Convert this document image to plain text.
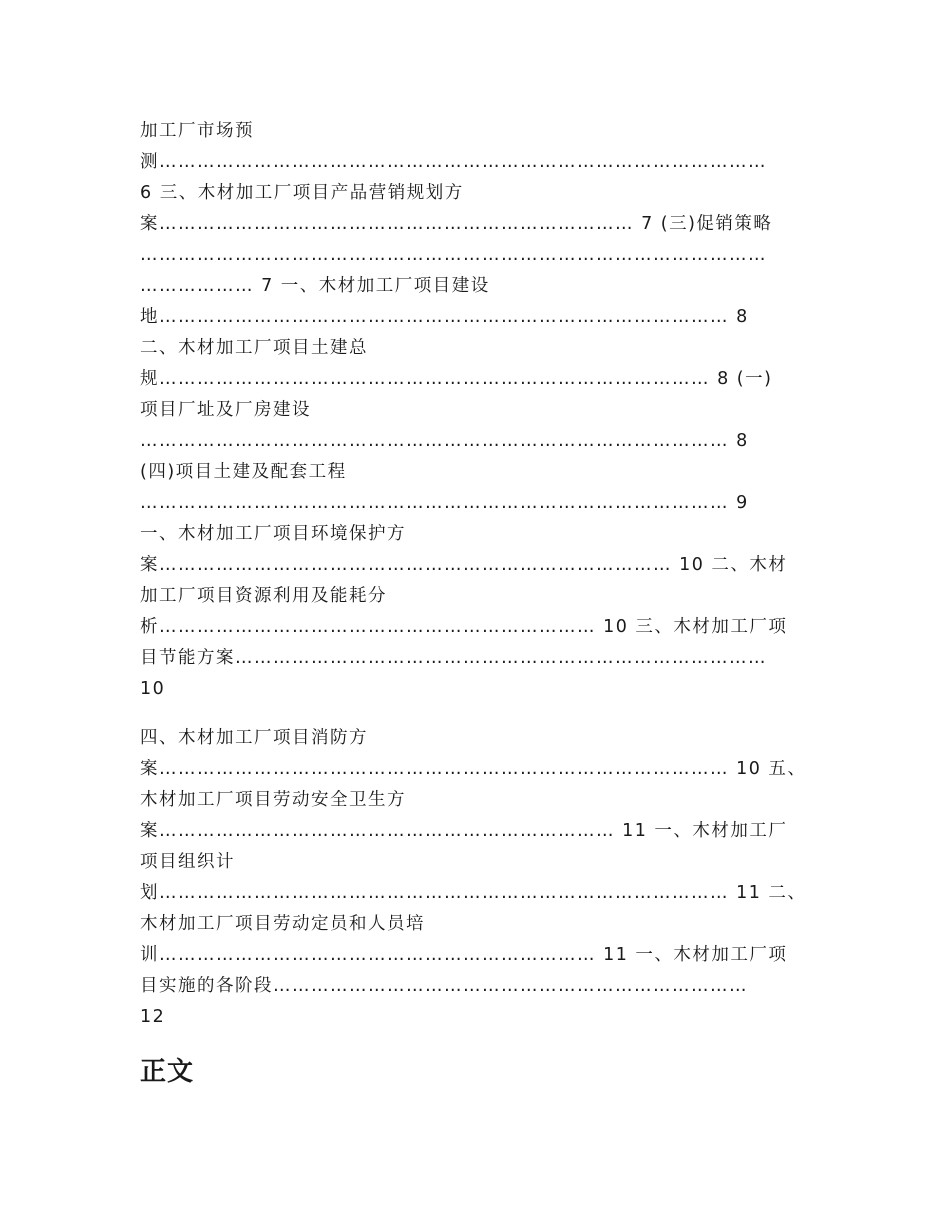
加工厂市场预
测……………………………………………………………………………………
6 三、木材加工厂项目产品营销规划方
案………………………………………………………………… 7 (三)促销策略
………………………………………………………………………………………
……………… 7 一、木材加工厂项目建设
地……………………………………………………………………………… 8
二、木材加工厂项目土建总
规…………………………………………………………………………… 8 (一)
项目厂址及厂房建设
………………………………………………………………………………… 8
(四)项目土建及配套工程
………………………………………………………………………………… 9
一、木材加工厂项目环境保护方
案……………………………………………………………………… 10 二、木材
加工厂项目资源利用及能耗分
析…………………………………………………………… 10 三、木材加工厂项
目节能方案…………………………………………………………………………
10
四、木材加工厂项目消防方
案……………………………………………………………………………… 10 五、
木材加工厂项目劳动安全卫生方
案……………………………………………………………… 11 一、木材加工厂
项目组织计
划……………………………………………………………………………… 11 二、
木材加工厂项目劳动定员和人员培
训…………………………………………………………… 11 一、木材加工厂项
目实施的各阶段…………………………………………………………………
12
正文
